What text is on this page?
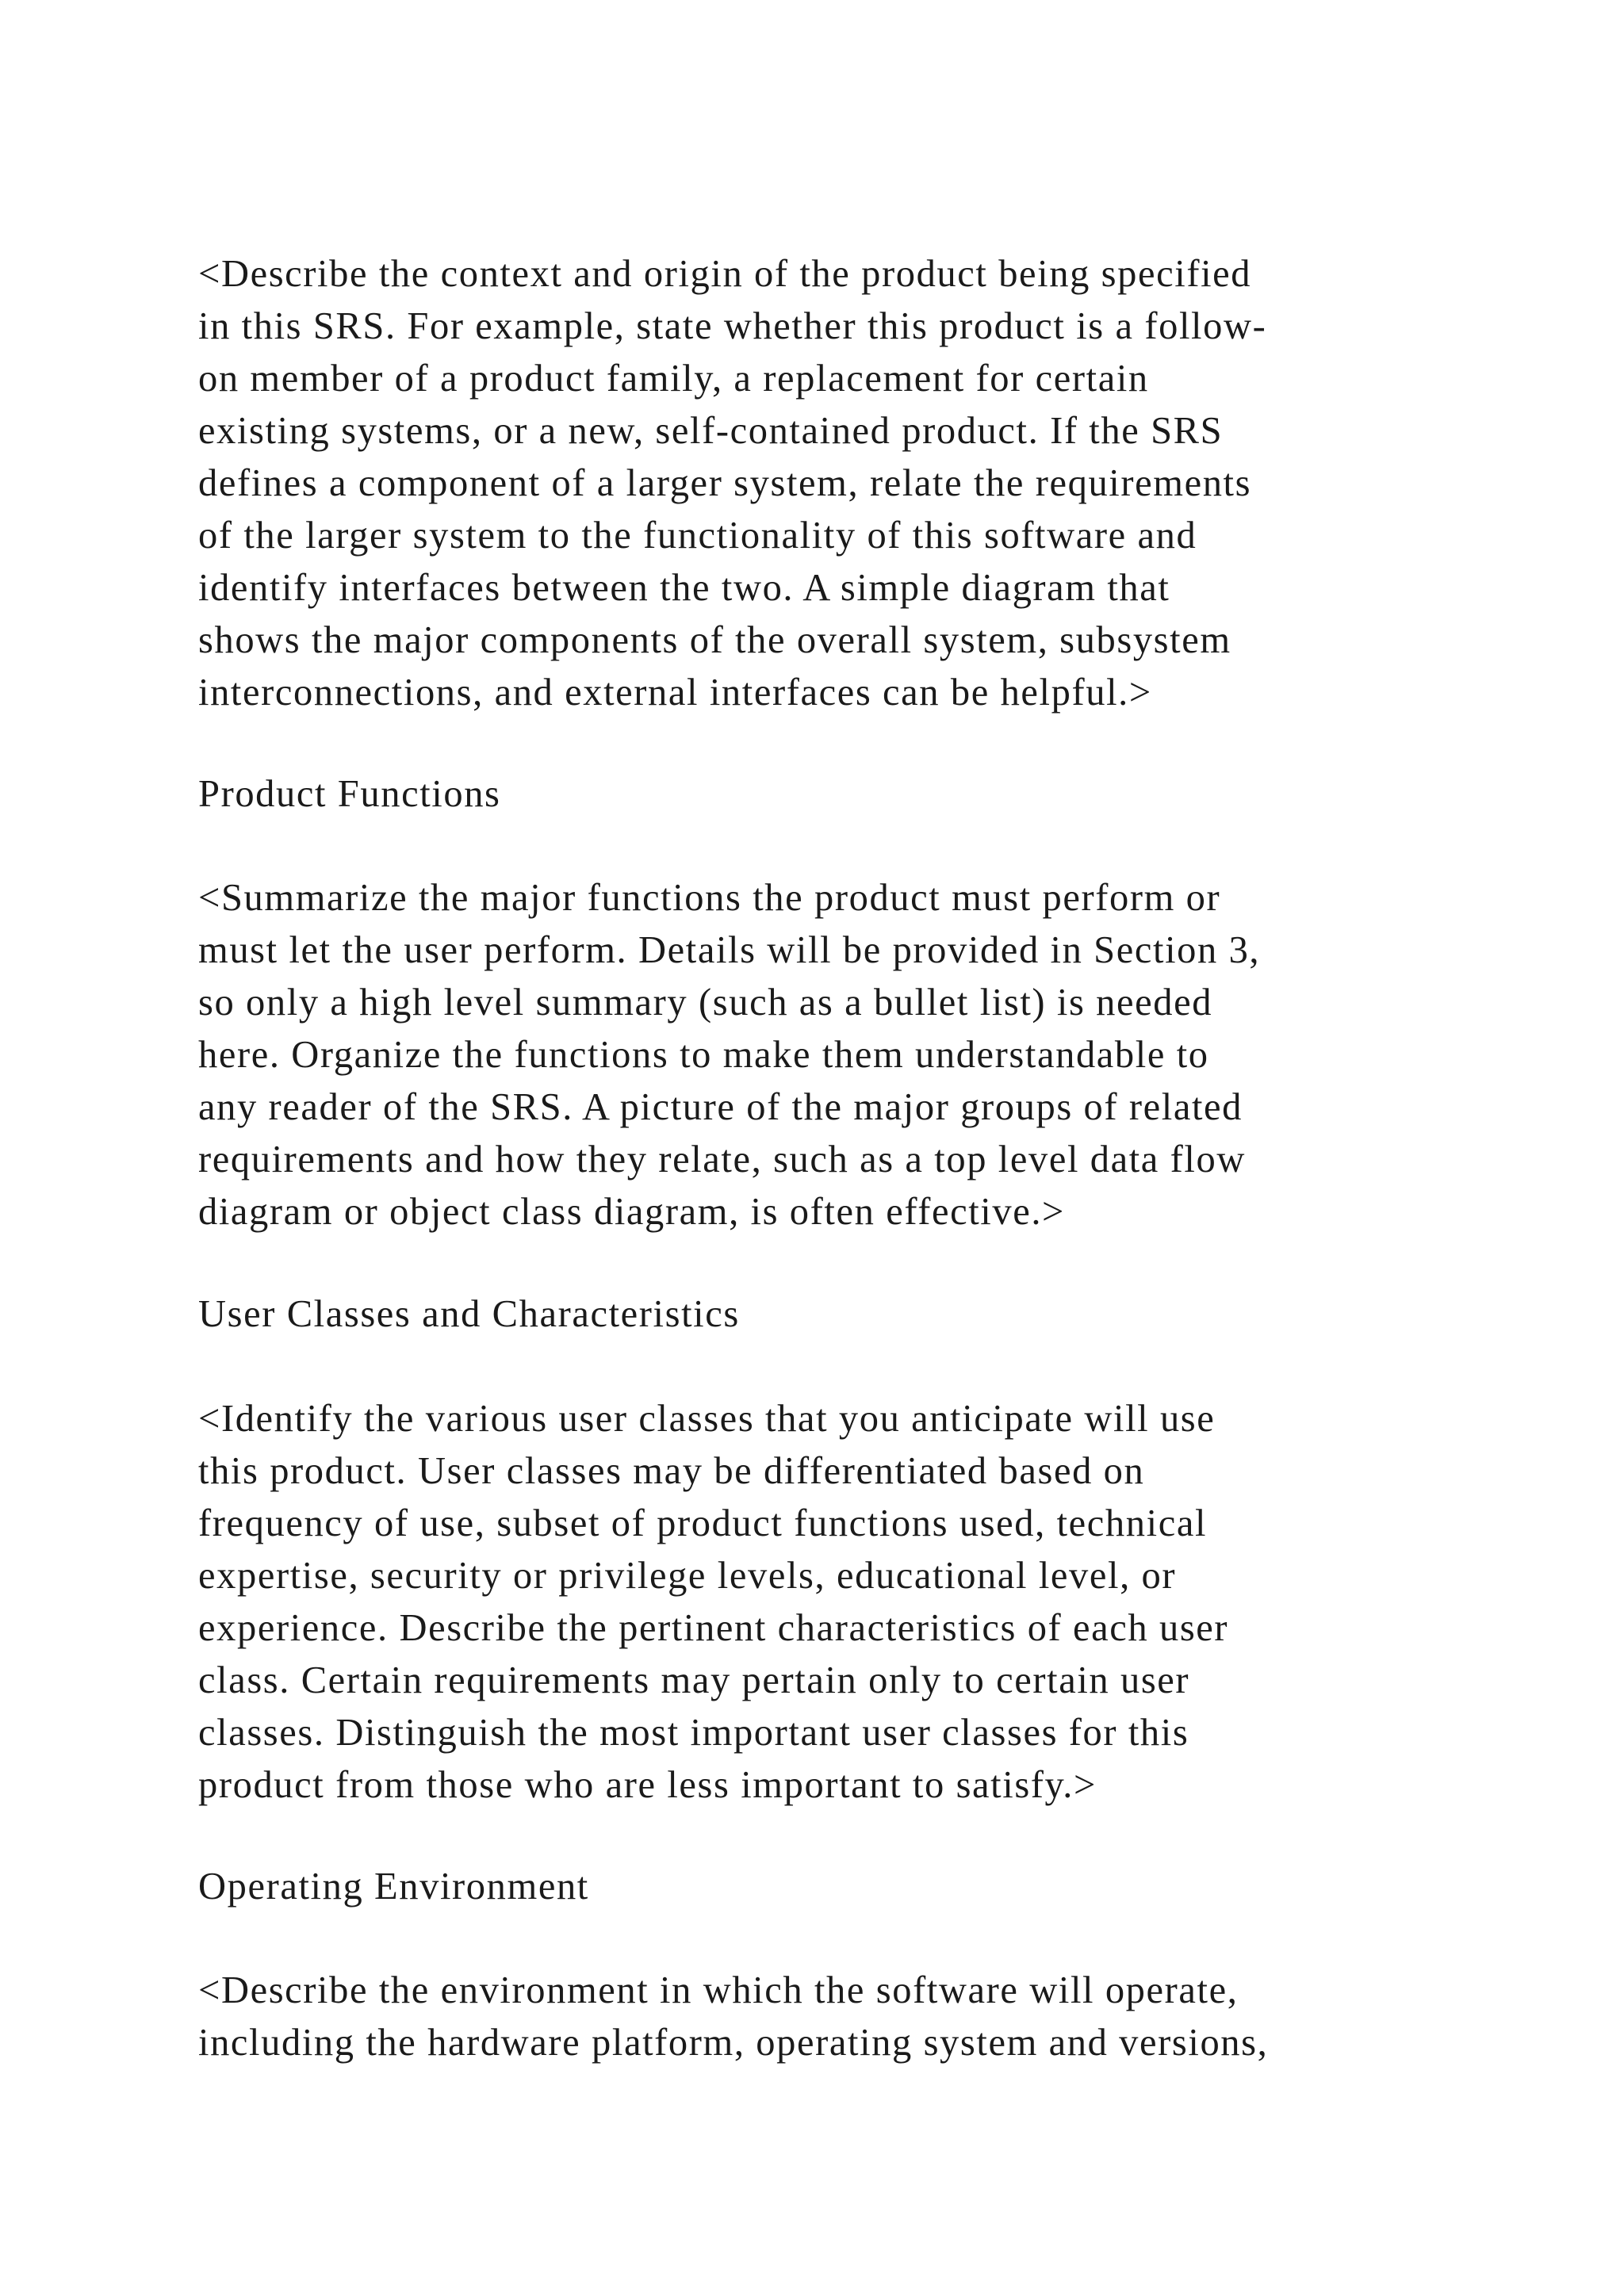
<Describe the context and origin of the product being specified
in this SRS. For example, state whether this product is a follow-
on member of a product family, a replacement for certain
existing systems, or a new, self-contained product. If the SRS
defines a component of a larger system, relate the requirements
of the larger system to the functionality of this software and
identify interfaces between the two. A simple diagram that
shows the major components of the overall system, subsystem
interconnections, and external interfaces can be helpful.>

Product Functions

<Summarize the major functions the product must perform or
must let the user perform. Details will be provided in Section 3,
so only a high level summary (such as a bullet list) is needed
here. Organize the functions to make them understandable to
any reader of the SRS. A picture of the major groups of related
requirements and how they relate, such as a top level data flow
diagram or object class diagram, is often effective.>

User Classes and Characteristics

<Identify the various user classes that you anticipate will use
this product. User classes may be differentiated based on
frequency of use, subset of product functions used, technical
expertise, security or privilege levels, educational level, or
experience. Describe the pertinent characteristics of each user
class. Certain requirements may pertain only to certain user
classes. Distinguish the most important user classes for this
product from those who are less important to satisfy.>

Operating Environment

<Describe the environment in which the software will operate,
including the hardware platform, operating system and versions,
